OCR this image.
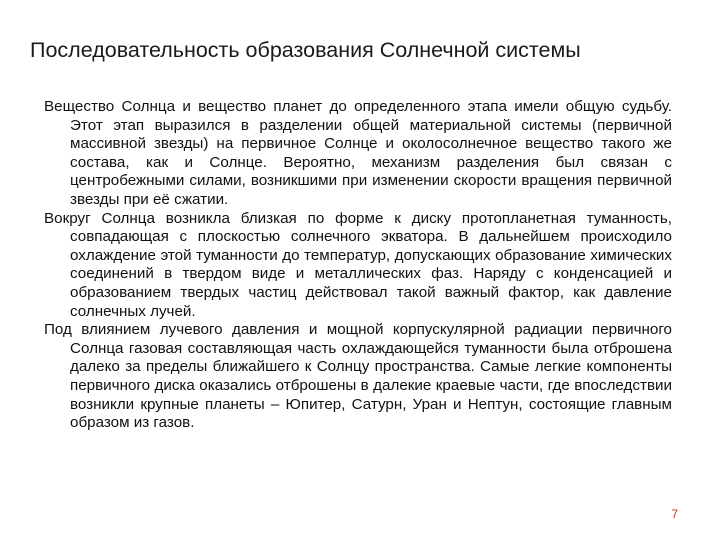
Последовательность образования Солнечной системы

Вещество Солнца и вещество планет до определенного этапа имели общую судьбу. Этот этап выразился в разделении общей материальной системы (первичной массивной звезды) на первичное Солнце и околосолнечное вещество такого же состава, как и Солнце. Вероятно, механизм разделения был связан с центробежными силами, возникшими при изменении скорости вращения первичной звезды при её сжатии.

Вокруг Солнца возникла близкая по форме к диску протопланетная туманность, совпадающая с плоскостью солнечного экватора. В дальнейшем происходило охлаждение этой туманности до температур, допускающих образование химических соединений в твердом виде и металлических фаз. Наряду с конденсацией и образованием твердых частиц действовал такой важный фактор, как давление солнечных лучей.

Под влиянием лучевого давления и мощной корпускулярной радиации первичного Солнца газовая составляющая часть охлаждающейся туманности была отброшена далеко за пределы ближайшего к Солнцу пространства. Самые легкие компоненты первичного диска оказались отброшены в далекие краевые части, где впоследствии возникли крупные планеты – Юпитер, Сатурн, Уран и Нептун, состоящие главным образом из газов.

7
